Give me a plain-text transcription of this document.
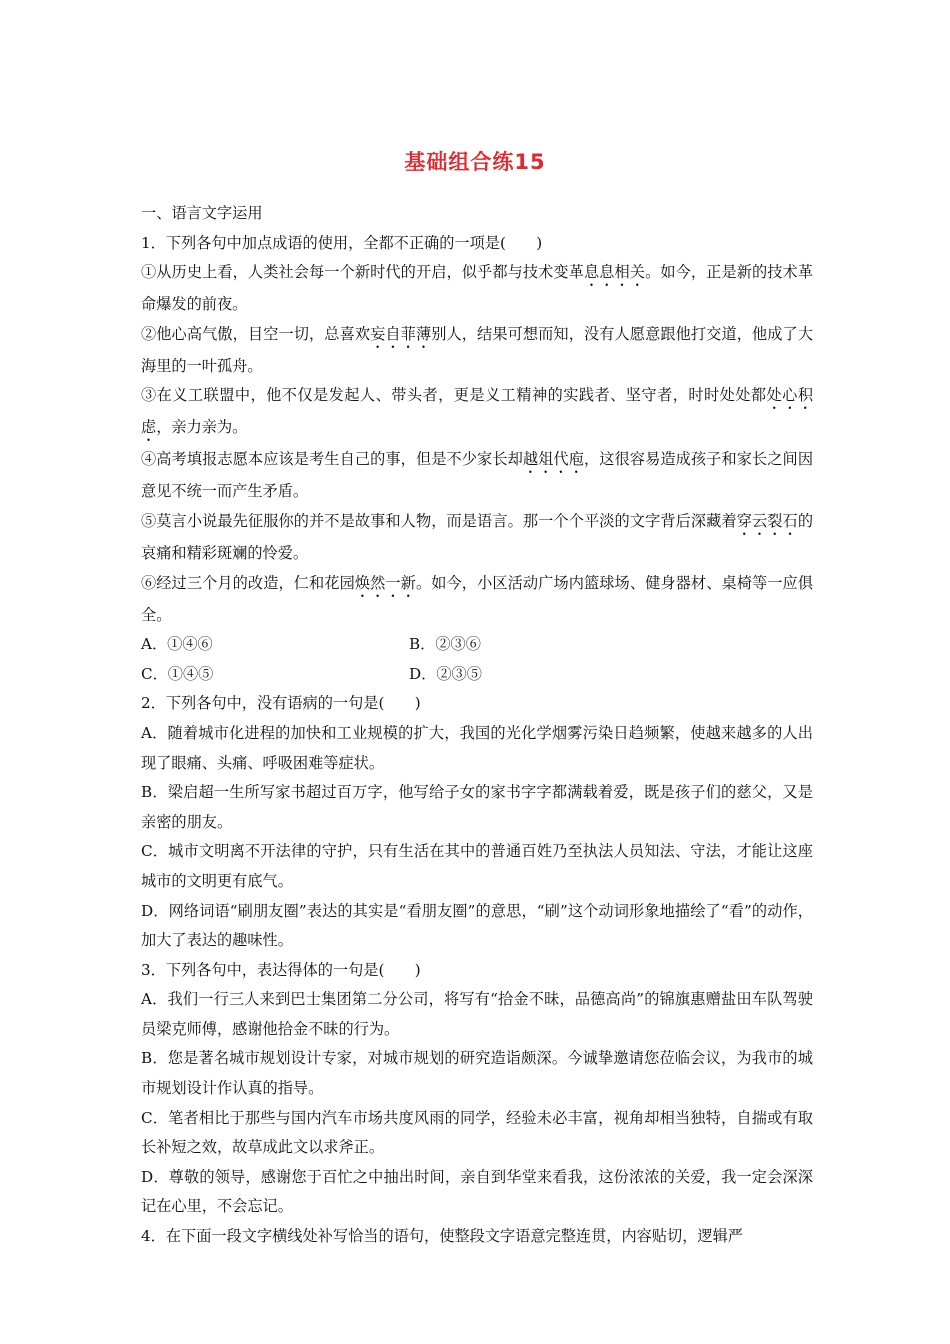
基础组合练15

一、语言文字运用

1．下列各句中加点成语的使用，全都不正确的一项是(　　)

①从历史上看，人类社会每一个新时代的开启，似乎都与技术变革息息相关。如今，正是新的技术革命爆发的前夜。

②他心高气傲，目空一切，总喜欢妄自菲薄别人，结果可想而知，没有人愿意跟他打交道，他成了大海里的一叶孤舟。

③在义工联盟中，他不仅是发起人、带头者，更是义工精神的实践者、坚守者，时时处处都处心积虑，亲力亲为。

④高考填报志愿本应该是考生自己的事，但是不少家长却越俎代庖，这很容易造成孩子和家长之间因意见不统一而产生矛盾。

⑤莫言小说最先征服你的并不是故事和人物，而是语言。那一个个平淡的文字背后深藏着穿云裂石的哀痛和精彩斑斓的怜爱。

⑥经过三个月的改造，仁和花园焕然一新。如今，小区活动广场内篮球场、健身器材、桌椅等一应俱全。

A．①④⑥	B．②③⑥
C．①④⑤	D．②③⑤

2．下列各句中，没有语病的一句是(　　)

A．随着城市化进程的加快和工业规模的扩大，我国的光化学烟雾污染日趋频繁，使越来越多的人出现了眼痛、头痛、呼吸困难等症状。

B．梁启超一生所写家书超过百万字，他写给子女的家书字字都满载着爱，既是孩子们的慈父，又是亲密的朋友。

C．城市文明离不开法律的守护，只有生活在其中的普通百姓乃至执法人员知法、守法，才能让这座城市的文明更有底气。

D．网络词语“刷朋友圈”表达的其实是“看朋友圈”的意思，“刷”这个动词形象地描绘了“看”的动作，加大了表达的趣味性。

3．下列各句中，表达得体的一句是(　　)

A．我们一行三人来到巴士集团第二分公司，将写有“拾金不昧，品德高尚”的锦旗惠赠盐田车队驾驶员梁克师傅，感谢他拾金不昧的行为。

B．您是著名城市规划设计专家，对城市规划的研究造诣颇深。今诚挚邀请您莅临会议，为我市的城市规划设计作认真的指导。

C．笔者相比于那些与国内汽车市场共度风雨的同学，经验未必丰富，视角却相当独特，自揣或有取长补短之效，故草成此文以求斧正。

D．尊敬的领导，感谢您于百忙之中抽出时间，亲自到华堂来看我，这份浓浓的关爱，我一定会深深记在心里，不会忘记。

4．在下面一段文字横线处补写恰当的语句，使整段文字语意完整连贯，内容贴切，逻辑严
